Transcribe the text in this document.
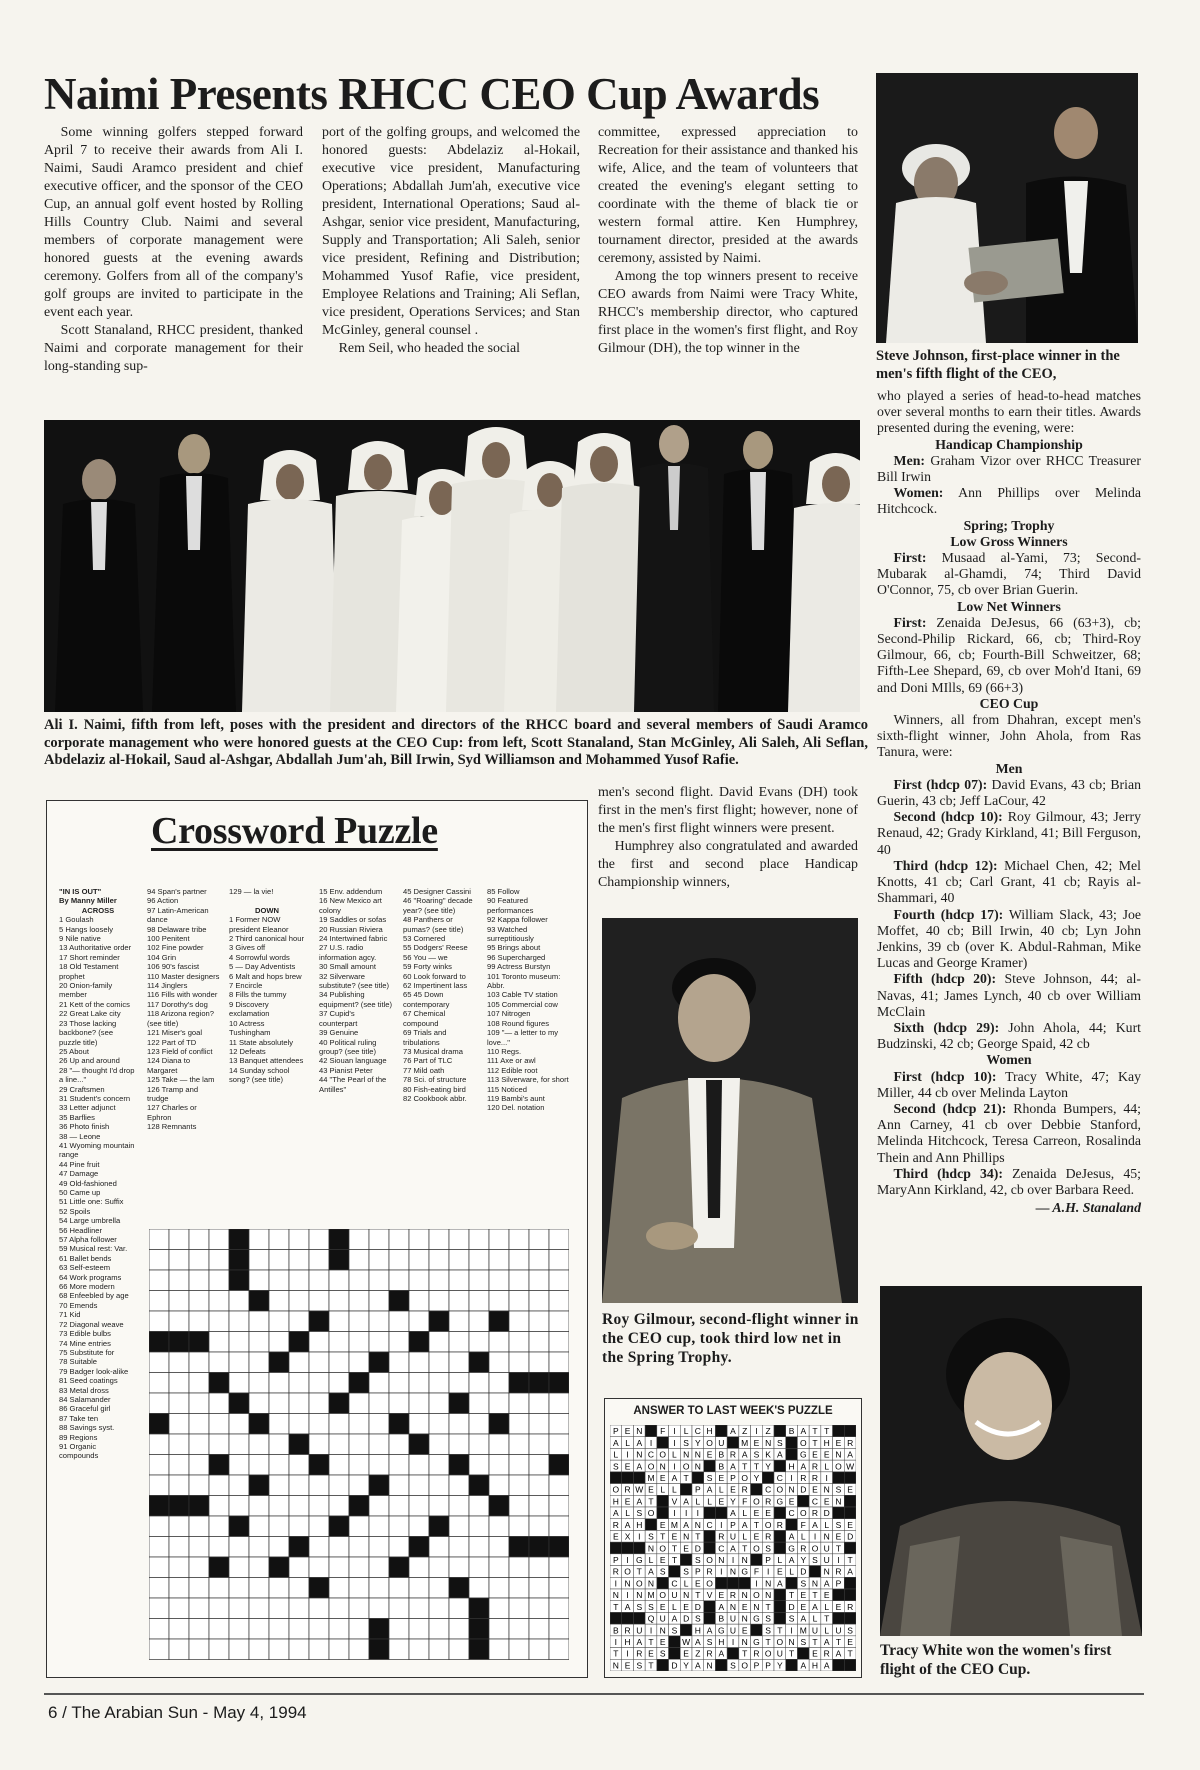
Naimi Presents RHCC CEO Cup Awards

Some winning golfers stepped forward April 7 to receive their awards from Ali I. Naimi, Saudi Aramco president and chief executive officer, and the sponsor of the CEO Cup, an annual golf event hosted by Rolling Hills Country Club. Naimi and several members of corporate management were honored guests at the evening awards ceremony. Golfers from all of the company's golf groups are invited to participate in the event each year.

Scott Stanaland, RHCC president, thanked Naimi and corporate management for their long-standing sup-

port of the golfing groups, and welcomed the honored guests: Abdelaziz al-Hokail, executive vice president, Manufacturing Operations; Abdallah Jum'ah, executive vice president, International Operations; Saud al-Ashgar, senior vice president, Manufacturing, Supply and Transportation; Ali Saleh, senior vice president, Refining and Distribution; Mohammed Yusof Rafie, vice president, Employee Relations and Training; Ali Seflan, vice president, Operations Services; and Stan McGinley, general counsel .

Rem Seil, who headed the social

committee, expressed appreciation to Recreation for their assistance and thanked his wife, Alice, and the team of volunteers that created the evening's elegant setting to coordinate with the theme of black tie or western formal attire. Ken Humphrey, tournament director, presided at the awards ceremony, assisted by Naimi.

Among the top winners present to receive CEO awards from Naimi were Tracy White, RHCC's membership director, who captured first place in the women's first flight, and Roy Gilmour (DH), the top winner in the	Steve Johnson, first-place winner in the men's fifth flight of the CEO,

who played a series of head-to-head matches over several months to earn their titles. Awards presented during the evening, were:

Handicap Championship

Men: Graham Vizor over RHCC Treasurer Bill Irwin

Women: Ann Phillips over Melinda Hitchcock.

Spring; Trophy

Low Gross Winners

First: Musaad al-Yami, 73; Second-Mubarak al-Ghamdi, 74; Third David O'Connor, 75, cb over Brian Guerin.

Low Net Winners

First: Zenaida DeJesus, 66 (63+3), cb; Second-Philip Rickard, 66, cb; Third-Roy Gilmour, 66, cb; Fourth-Bill Schweitzer, 68; Fifth-Lee Shepard, 69, cb over Moh'd Itani, 69 and Doni MIlls, 69 (66+3)

CEO Cup

Winners, all from Dhahran, except men's sixth-flight winner, John Ahola, from Ras Tanura, were:

Men

First (hdcp 07): David Evans, 43 cb; Brian Guerin, 43 cb; Jeff LaCour, 42

Second (hdcp 10): Roy Gilmour, 43; Jerry Renaud, 42; Grady Kirkland, 41; Bill Ferguson, 40

Third (hdcp 12): Michael Chen, 42; Mel Knotts, 41 cb; Carl Grant, 41 cb; Rayis al-Shammari, 40

Fourth (hdcp 17): William Slack, 43; Joe Moffet, 40 cb; Bill Irwin, 40 cb; Lyn John Jenkins, 39 cb (over K. Abdul-Rahman, Mike Lucas and George Kramer)

Fifth (hdcp 20): Steve Johnson, 44; al-Navas, 41; James Lynch, 40 cb over William McClain

Sixth (hdcp 29): John Ahola, 44; Kurt Budzinski, 42 cb; George Spaid, 42 cb

Women

First (hdcp 10): Tracy White, 47; Kay Miller, 44 cb over Melinda Layton

Second (hdcp 21): Rhonda Bumpers, 44; Ann Carney, 41 cb over Debbie Stanford, Melinda Hitchcock, Teresa Carreon, Rosalinda Thein and Ann Phillips

Third (hdcp 34): Zenaida DeJesus, 45; MaryAnn Kirkland, 42, cb over Barbara Reed.

— A.H. Stanaland

Ali I. Naimi, fifth from left, poses with the president and directors of the RHCC board and several members of Saudi Aramco corporate management who were honored guests at the CEO Cup: from left, Scott Stanaland, Stan McGinley, Ali Saleh, Ali Seflan, Abdelaziz al-Hokail, Saud al-Ashgar, Abdallah Jum'ah, Bill Irwin, Syd Williamson and Mohammed Yusof Rafie.

men's second flight. David Evans (DH) took first in the men's first flight; however, none of the men's first flight winners were present.

Humphrey also congratulated and awarded the first and second place Handicap Championship winners,

Crossword Puzzle
"IN IS OUT"
By Manny Miller
ACROSS
1 Goulash
5 Hangs loosely
9 Nile native
13 Authoritative order
17 Short reminder
18 Old Testament prophet
20 Onion-family member
21 Kett of the comics
22 Great Lake city
23 Those lacking backbone? (see puzzle title)
25 About
26 Up and around
28 "— thought I'd drop a line..."
29 Craftsmen
31 Student's concern
33 Letter adjunct
35 Barflies
36 Photo finish
38 — Leone
41 Wyoming mountain range
44 Pine fruit
47 Damage
49 Old-fashioned
50 Came up
51 Little one: Suffix
52 Spoils
54 Large umbrella
56 Headliner
57 Alpha follower
59 Musical rest: Var.
61 Ballet bends
63 Self-esteem
64 Work programs
66 More modern
68 Enfeebled by age
70 Emends
71 Kid
72 Diagonal weave
73 Edible bulbs
74 Mine entries
75 Substitute for
78 Suitable
79 Badger look-alike
81 Seed coatings
83 Metal dross
84 Salamander
86 Graceful girl
87 Take ten
88 Savings syst.
89 Regions
91 Organic compounds
94 Span's partner
96 Action
97 Latin-American dance
98 Delaware tribe
100 Penitent
102 Fine powder
104 Grin
106 90's fascist
110 Master designers
114 Jinglers
116 Fills with wonder
117 Dorothy's dog
118 Arizona region? (see title)
121 Miser's goal
122 Part of TD
123 Field of conflict
124 Diana to Margaret
125 Take — the lam
126 Tramp and trudge
127 Charles or Ephron
128 Remnants
129 — la vie!

DOWN
1 Former NOW president Eleanor
2 Third canonical hour
3 Gives off
4 Sorrowful words
5 — Day Adventists
6 Malt and hops brew
7 Encircle
8 Fills the tummy
9 Discovery exclamation
10 Actress Tushingham
11 State absolutely
12 Defeats
13 Banquet attendees
14 Sunday school song? (see title)
15 Env. addendum
16 New Mexico art colony
19 Saddles or sofas
20 Russian Riviera
24 Intertwined fabric
27 U.S. radio information agcy.
30 Small amount
32 Silverware substitute? (see title)
34 Publishing equipment? (see title)
37 Cupid's counterpart
39 Genuine
40 Political ruling group? (see title)
42 Siouan language
43 Pianist Peter
44 "The Pearl of the Antilles"
45 Designer Cassini
46 "Roaring" decade year? (see title)
48 Panthers or pumas? (see title)
53 Cornered
55 Dodgers' Reese
56 You — we
59 Forty winks
60 Look forward to
62 Impertinent lass
65 45 Down contemporary
67 Chemical compound
69 Trials and tribulations
73 Musical drama
76 Part of TLC
77 Mild oath
78 Sci. of structure
80 Fish-eating bird
82 Cookbook abbr.
85 Follow
90 Featured performances
92 Kappa follower
93 Watched surreptitiously
95 Brings about
96 Supercharged
99 Actress Burstyn
101 Toronto museum: Abbr.
103 Cable TV station
105 Commercial cow
107 Nitrogen
108 Round figures
109 "— a letter to my love..."
110 Regs.
111 Axe or awl
112 Edible root
113 Silverware, for short
115 Noticed
119 Bambi's aunt
120 Del. notation
Roy Gilmour, second-flight winner in the CEO cup, took third low net in the Spring Trophy.
ANSWER TO LAST WEEK'S PUZZLE
P E N F I L C H A Z I Z B A T T
A L A I I S Y O U M E N S O T H E R
L I N C O L N N E B R A S K A G E E N A
S E A O N I O N B A T T Y H A R L O W
M E A T S E P O Y C I R R I
O R W E L L P A L E R C O N D E N S E
H E A T V A L L E Y F O R G E C E N
A L S O I I I	A L E E C O R D
R A H E M A N C I P A T O R F A L S E
E X I S T E N T R U L E R A L I N E D
N O T E D C A T O S G R O U T
P I G L E T S O N I N P L A Y S U I T
R O T A S S P R I N G F I E L D N R A
I N O N C L E O	I N A S N A P
N I N M O U N T V E R N O N T E T E
T A S S E L E D A N E N T D E A L E R
Q U A D S B U N G S S A L T
B R U I N S H A G U E S T I M U L U S
I H A T E W A S H I N G T O N S T A T E
T I R E S E Z R A T R O U T E R A T
N E S T D Y A N S O P P Y A H A
Tracy White won the women's first flight of the CEO Cup.
6 / The Arabian Sun - May 4, 1994
